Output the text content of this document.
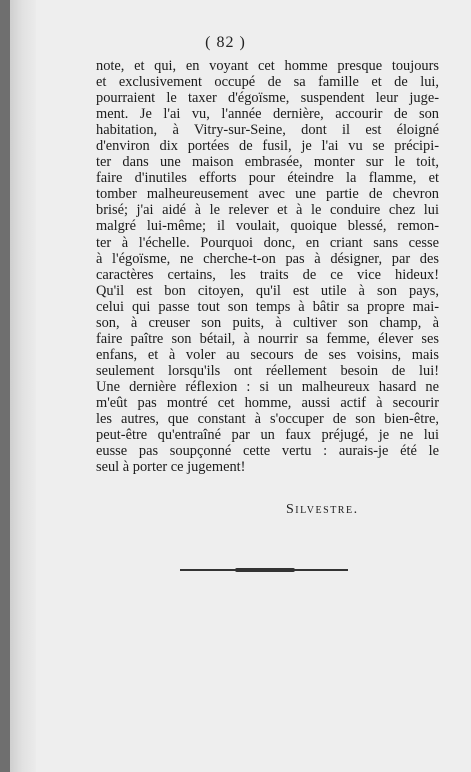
( 82 )
note, et qui, en voyant cet homme presque toujours
et exclusivement occupé de sa famille et de lui,
pourraient le taxer d'égoïsme, suspendent leur juge-
ment. Je l'ai vu, l'année dernière, accourir de son
habitation, à Vitry-sur-Seine, dont il est éloigné
d'environ dix portées de fusil, je l'ai vu se précipi-
ter dans une maison embrasée, monter sur le toit,
faire d'inutiles efforts pour éteindre la flamme, et
tomber malheureusement avec une partie de chevron
brisé; j'ai aidé à le relever et à le conduire chez lui
malgré lui-même; il voulait, quoique blessé, remon-
ter à l'échelle. Pourquoi donc, en criant sans cesse
à l'égoïsme, ne cherche-t-on pas à désigner, par des
caractères certains, les traits de ce vice hideux!
Qu'il est bon citoyen, qu'il est utile à son pays,
celui qui passe tout son temps à bâtir sa propre mai-
son, à creuser son puits, à cultiver son champ, à
faire paître son bétail, à nourrir sa femme, élever ses
enfans, et à voler au secours de ses voisins, mais
seulement lorsqu'ils ont réellement besoin de lui!
Une dernière réflexion : si un malheureux hasard ne
m'eût pas montré cet homme, aussi actif à secourir
les autres, que constant à s'occuper de son bien-être,
peut-être qu'entraîné par un faux préjugé, je ne lui
eusse pas soupçonné cette vertu : aurais-je été le
seul à porter ce jugement!
Silvestre.
